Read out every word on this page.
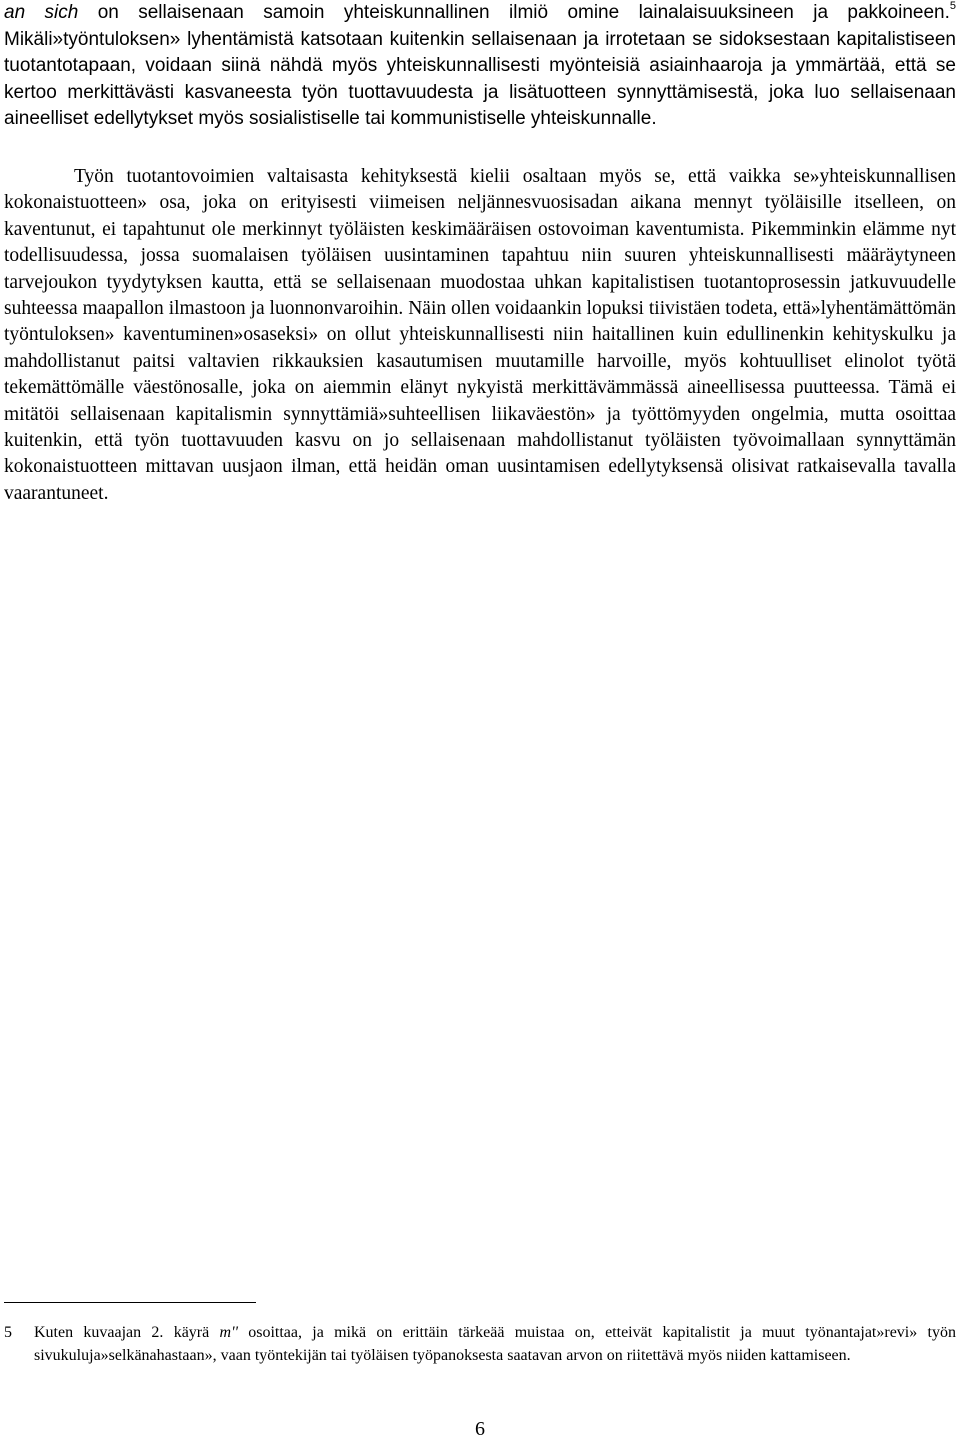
an sich on sellaisenaan samoin yhteiskunnallinen ilmiö omine lainalaisuuksineen ja pakkoineen.$^5$ Mikäli»työntuloksen» lyhentämistä katsotaan kuitenkin sellaisenaan ja irrotetaan se sidoksestaan kapitalistiseen tuotantotapaan, voidaan siinä nähdä myös yhteiskunnallisesti myönteisiä asiainhaaroja ja ymmärtää, että se kertoo merkittävästi kasvaneesta työn tuottavuudesta ja lisätuotteen synnyttämisestä, joka luo sellaisenaan aineelliset edellytykset myös sosialistiselle tai kommunistiselle yhteiskunnalle.

Työn tuotantovoimien valtaisasta kehityksestä kielii osaltaan myös se, että vaikka se»yhteiskunnallisen kokonaistuotteen» osa, joka on erityisesti viimeisen neljännesvuosisadan aikana mennyt työläisille itselleen, on kaventunut, ei tapahtunut ole merkinnyt työläisten keskimääräisen ostovoiman kaventumista. Pikemminkin elämme nyt todellisuudessa, jossa suomalaisen työläisen uusintaminen tapahtuu niin suuren yhteiskunnallisesti määräytyneen tarvejoukon tyydytyksen kautta, että se sellaisenaan muodostaa uhkan kapitalistisen tuotantoprosessin jatkuvuudelle suhteessa maapallon ilmastoon ja luonnonvaroihin. Näin ollen voidaankin lopuksi tiivistäen todeta, että»lyhentämättömän työntuloksen» kaventuminen»osaseksi» on ollut yhteiskunnallisesti niin haitallinen kuin edullinenkin kehityskulku ja mahdollistanut paitsi valtavien rikkauksien kasautumisen muutamille harvoille, myös kohtuulliset elinolot työtä tekemättömälle väestönosalle, joka on aiemmin elänyt nykyistä merkittävämmässä aineellisessa puutteessa. Tämä ei mitätöi sellaisenaan kapitalismin synnyttämiä»suhteellisen liikaväestön» ja työttömyyden ongelmia, mutta osoittaa kuitenkin, että työn tuottavuuden kasvu on jo sellaisenaan mahdollistanut työläisten työvoimallaan synnyttämän kokonaistuotteen mittavan uusjaon ilman, että heidän oman uusintamisen edellytyksensä olisivat ratkaisevalla tavalla vaarantuneet.

5 Kuten kuvaajan 2. käyrä m'' osoittaa, ja mikä on erittäin tärkeää muistaa on, etteivät kapitalistit ja muut työnantajat»revi» työn sivukuluja»selkänahastaan», vaan työntekijän tai työläisen työpanoksesta saatavan arvon on riitettävä myös niiden kattamiseen.
6
